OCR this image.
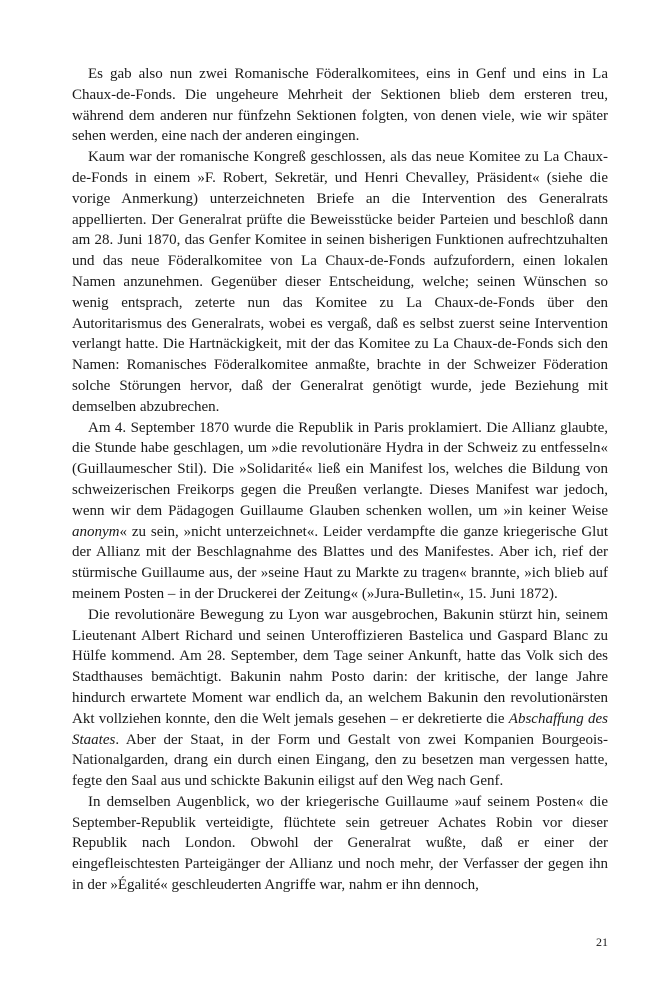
Es gab also nun zwei Romanische Föderalkomitees, eins in Genf und eins in La Chaux-de-Fonds. Die ungeheure Mehrheit der Sektionen blieb dem ersteren treu, während dem anderen nur fünfzehn Sektionen folgten, von denen viele, wie wir später sehen werden, eine nach der anderen eingingen.

Kaum war der romanische Kongreß geschlossen, als das neue Komitee zu La Chaux-de-Fonds in einem »F. Robert, Sekretär, und Henri Chevalley, Präsident« (siehe die vorige Anmerkung) unterzeichneten Briefe an die Intervention des Generalrats appellierten. Der Generalrat prüfte die Beweisstücke beider Parteien und beschloß dann am 28. Juni 1870, das Genfer Komitee in seinen bisherigen Funktionen aufrechtzuhalten und das neue Föderalkomitee von La Chaux-de-Fonds aufzufordern, einen lokalen Namen anzunehmen. Gegenüber dieser Entscheidung, welche; seinen Wünschen so wenig entsprach, zeterte nun das Komitee zu La Chaux-de-Fonds über den Autoritarismus des Generalrats, wobei es vergaß, daß es selbst zuerst seine Intervention verlangt hatte. Die Hartnäckigkeit, mit der das Komitee zu La Chaux-de-Fonds sich den Namen: Romanisches Föderalkomitee anmaßte, brachte in der Schweizer Föderation solche Störungen hervor, daß der Generalrat genötigt wurde, jede Beziehung mit demselben abzubrechen.

Am 4. September 1870 wurde die Republik in Paris proklamiert. Die Allianz glaubte, die Stunde habe geschlagen, um »die revolutionäre Hydra in der Schweiz zu entfesseln« (Guillaumescher Stil). Die »Solidarité« ließ ein Manifest los, welches die Bildung von schweizerischen Freikorps gegen die Preußen verlangte. Dieses Manifest war jedoch, wenn wir dem Pädagogen Guillaume Glauben schenken wollen, um »in keiner Weise anonym« zu sein, »nicht unterzeichnet«. Leider verdampfte die ganze kriegerische Glut der Allianz mit der Beschlagnahme des Blattes und des Manifestes. Aber ich, rief der stürmische Guillaume aus, der »seine Haut zu Markte zu tragen« brannte, »ich blieb auf meinem Posten – in der Druckerei der Zeitung« (»Jura-Bulletin«, 15. Juni 1872).

Die revolutionäre Bewegung zu Lyon war ausgebrochen, Bakunin stürzt hin, seinem Lieutenant Albert Richard und seinen Unteroffizieren Bastelica und Gaspard Blanc zu Hülfe kommend. Am 28. September, dem Tage seiner Ankunft, hatte das Volk sich des Stadthauses bemächtigt. Bakunin nahm Posto darin: der kritische, der lange Jahre hindurch erwartete Moment war endlich da, an welchem Bakunin den revolutionärsten Akt vollziehen konnte, den die Welt jemals gesehen – er dekretierte die Abschaffung des Staates. Aber der Staat, in der Form und Gestalt von zwei Kompanien Bourgeois-Nationalgarden, drang ein durch einen Eingang, den zu besetzen man vergessen hatte, fegte den Saal aus und schickte Bakunin eiligst auf den Weg nach Genf.

In demselben Augenblick, wo der kriegerische Guillaume »auf seinem Posten« die September-Republik verteidigte, flüchtete sein getreuer Achates Robin vor dieser Republik nach London. Obwohl der Generalrat wußte, daß er einer der eingefleischtesten Parteigänger der Allianz und noch mehr, der Verfasser der gegen ihn in der »Égalité« geschleuderten Angriffe war, nahm er ihn dennoch,

21
